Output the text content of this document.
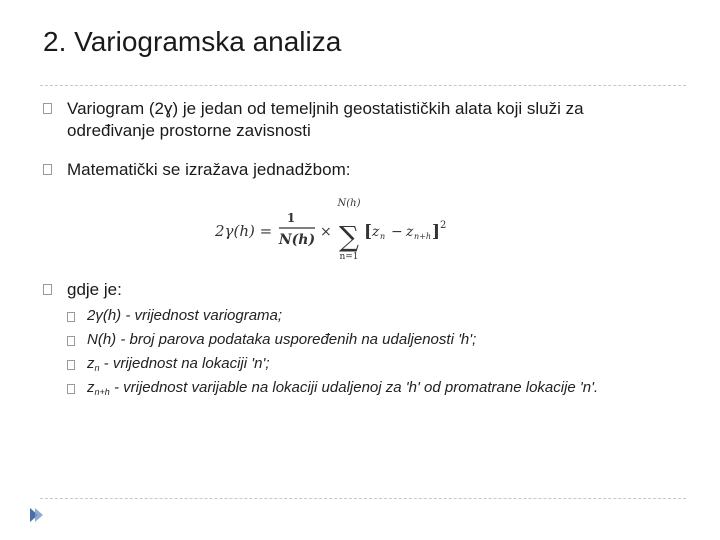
2. Variogramska analiza
Variogram (2ɣ) je jedan od temeljnih geostatističkih alata koji služi za
određivanje prostorne zavisnosti
Matematički se izražava jednadžbom:
2γ(h) =
1
N(h) ×
N(h)
∑
n=1
[ z n − z n+h ] 2
gdje je:
2γ(h) - vrijednost variograma;
N(h) - broj parova podataka uspoređenih na udaljenosti 'h';
$z_n$ - vrijednost na lokaciji 'n';
$z_{n+h}$ - vrijednost varijable na lokaciji udaljenoj za 'h' od promatrane lokacije 'n'.
